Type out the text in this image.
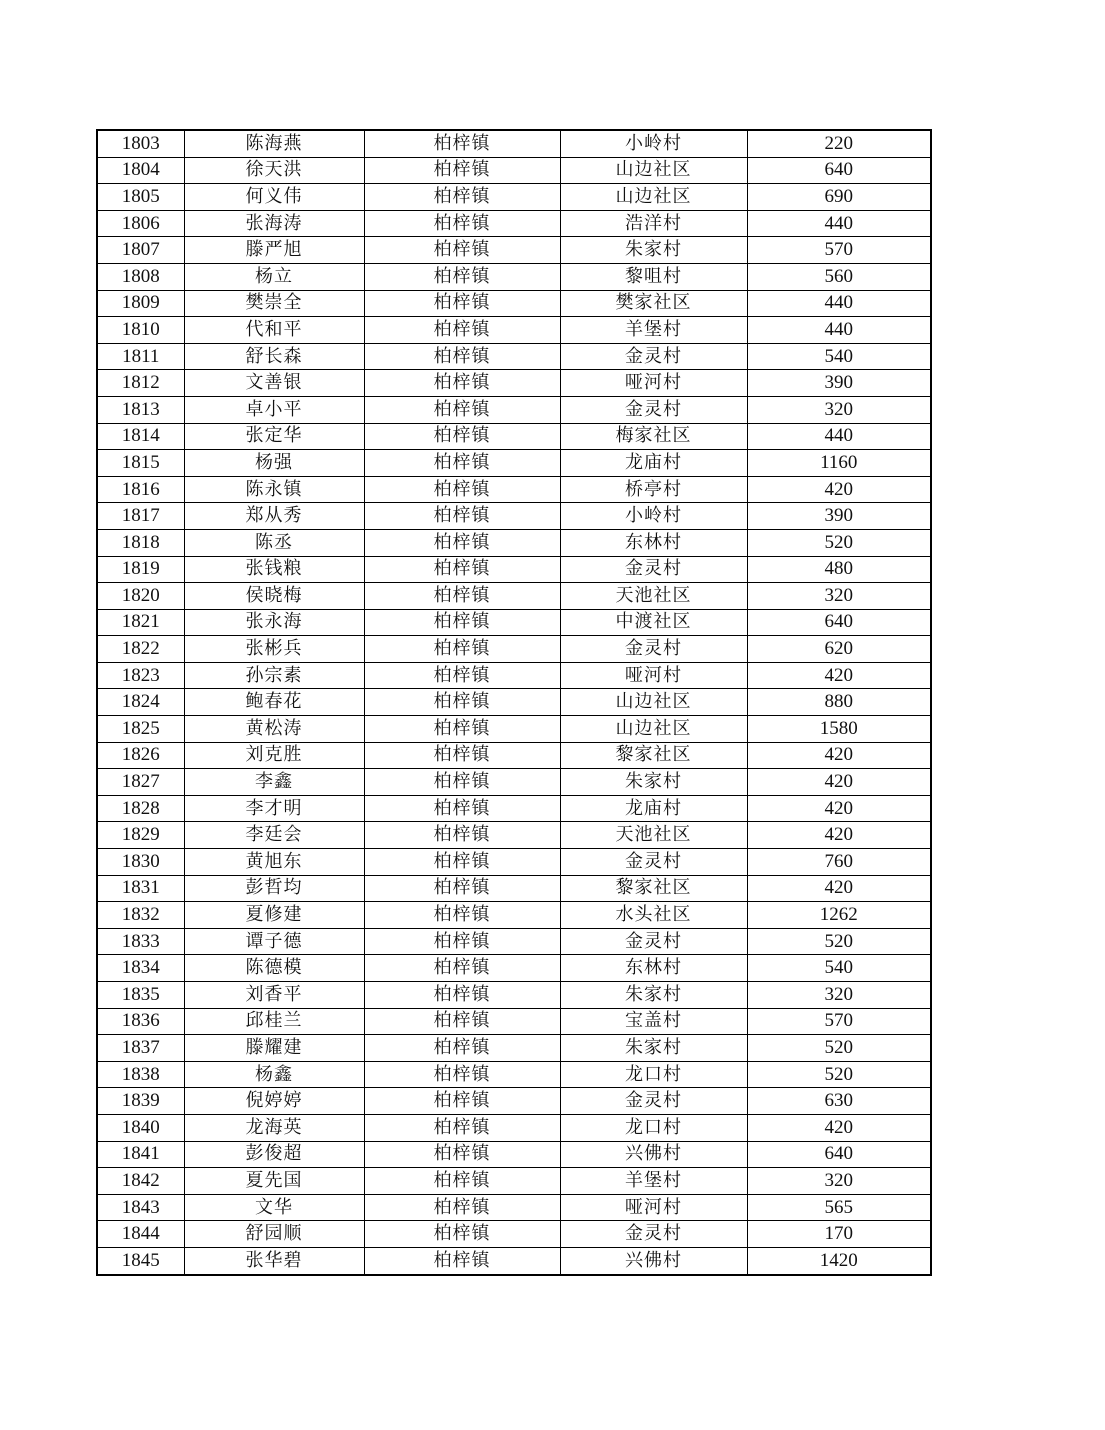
1803	陈海燕	柏梓镇	小岭村	220
1804	徐天洪	柏梓镇	山边社区	640
1805	何义伟	柏梓镇	山边社区	690
1806	张海涛	柏梓镇	浩洋村	440
1807	滕严旭	柏梓镇	朱家村	570
1808	杨立	柏梓镇	黎咀村	560
1809	樊崇全	柏梓镇	樊家社区	440
1810	代和平	柏梓镇	羊堡村	440
1811	舒长森	柏梓镇	金灵村	540
1812	文善银	柏梓镇	哑河村	390
1813	卓小平	柏梓镇	金灵村	320
1814	张定华	柏梓镇	梅家社区	440
1815	杨强	柏梓镇	龙庙村	1160
1816	陈永镇	柏梓镇	桥亭村	420
1817	郑从秀	柏梓镇	小岭村	390
1818	陈丞	柏梓镇	东林村	520
1819	张钱粮	柏梓镇	金灵村	480
1820	侯晓梅	柏梓镇	天池社区	320
1821	张永海	柏梓镇	中渡社区	640
1822	张彬兵	柏梓镇	金灵村	620
1823	孙宗素	柏梓镇	哑河村	420
1824	鲍春花	柏梓镇	山边社区	880
1825	黄松涛	柏梓镇	山边社区	1580
1826	刘克胜	柏梓镇	黎家社区	420
1827	李鑫	柏梓镇	朱家村	420
1828	李才明	柏梓镇	龙庙村	420
1829	李廷会	柏梓镇	天池社区	420
1830	黄旭东	柏梓镇	金灵村	760
1831	彭哲均	柏梓镇	黎家社区	420
1832	夏修建	柏梓镇	水头社区	1262
1833	谭子德	柏梓镇	金灵村	520
1834	陈德模	柏梓镇	东林村	540
1835	刘香平	柏梓镇	朱家村	320
1836	邱桂兰	柏梓镇	宝盖村	570
1837	滕耀建	柏梓镇	朱家村	520
1838	杨鑫	柏梓镇	龙口村	520
1839	倪婷婷	柏梓镇	金灵村	630
1840	龙海英	柏梓镇	龙口村	420
1841	彭俊超	柏梓镇	兴佛村	640
1842	夏先国	柏梓镇	羊堡村	320
1843	文华	柏梓镇	哑河村	565
1844	舒园顺	柏梓镇	金灵村	170
1845	张华碧	柏梓镇	兴佛村	1420
